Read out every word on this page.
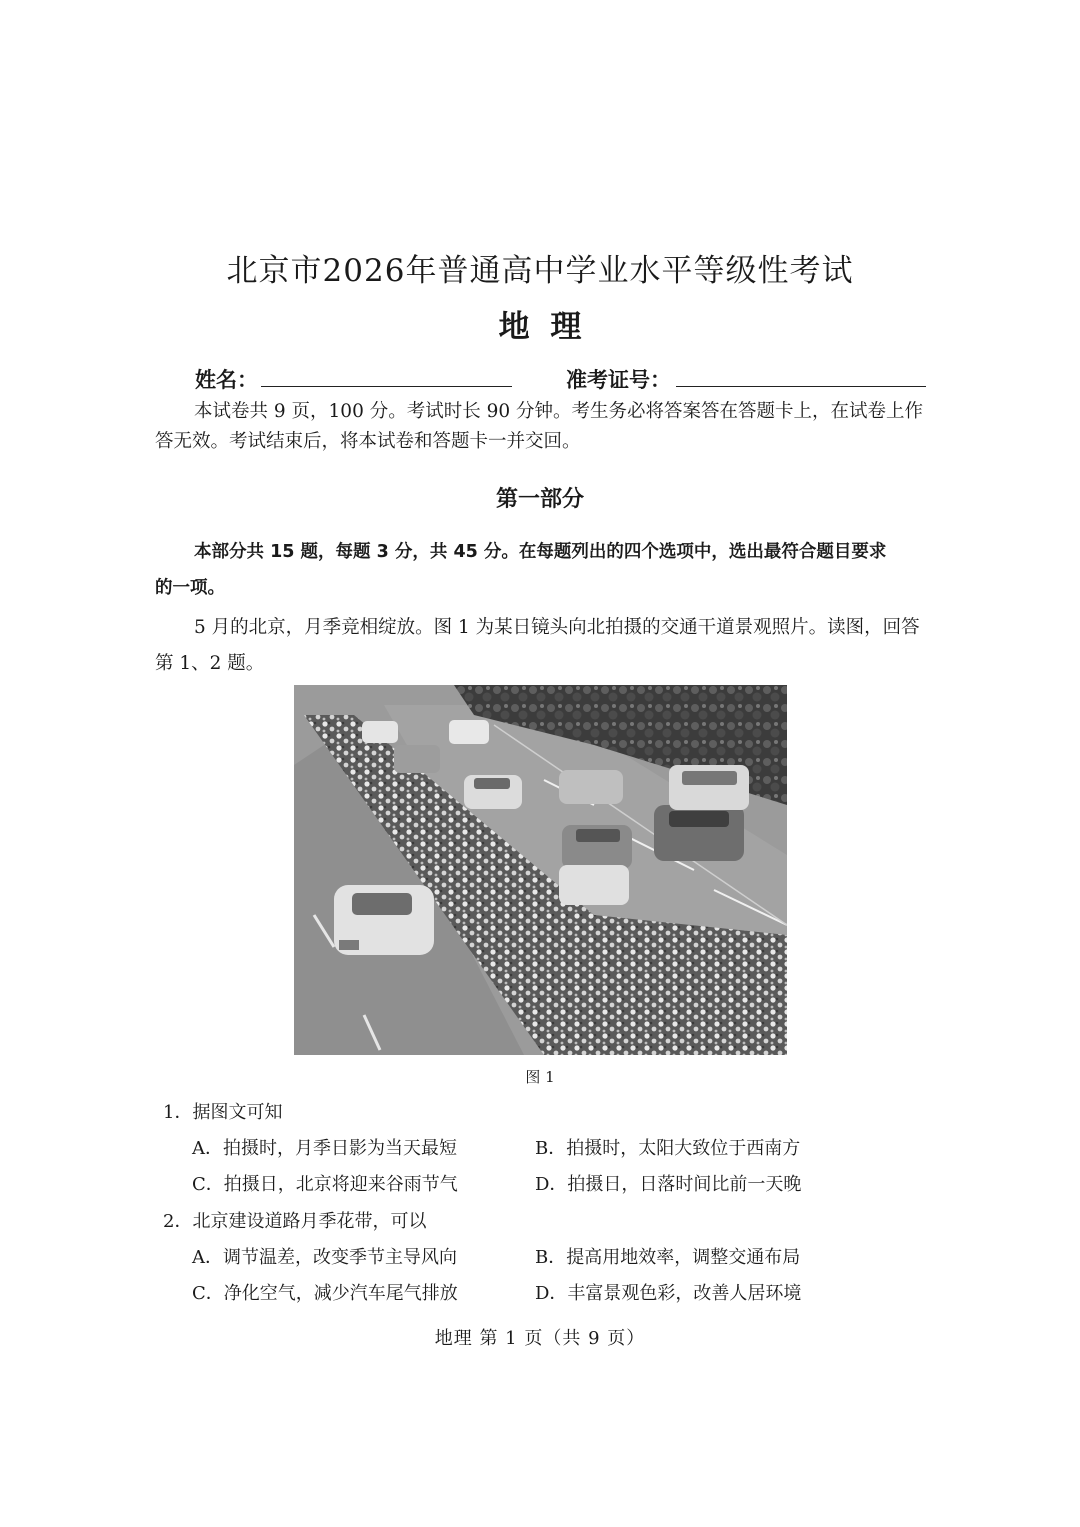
北京市2026年普通高中学业水平等级性考试
地 理
姓名：	准考证号：
本试卷共 9 页，100 分。考试时长 90 分钟。考生务必将答案答在答题卡上，在试卷上作
答无效。考试结束后，将本试卷和答题卡一并交回。
第一部分
本部分共 15 题，每题 3 分，共 45 分。在每题列出的四个选项中，选出最符合题目要求
的一项。
5 月的北京，月季竞相绽放。图 1 为某日镜头向北拍摄的交通干道景观照片。读图，回答
第 1、2 题。
图 1
1．据图文可知
A．拍摄时，月季日影为当天最短	B．拍摄时，太阳大致位于西南方
C．拍摄日，北京将迎来谷雨节气	D．拍摄日，日落时间比前一天晚
2．北京建设道路月季花带，可以
A．调节温差，改变季节主导风向	B．提高用地效率，调整交通布局
C．净化空气，减少汽车尾气排放	D．丰富景观色彩，改善人居环境
地理 第 1 页（共 9 页）
